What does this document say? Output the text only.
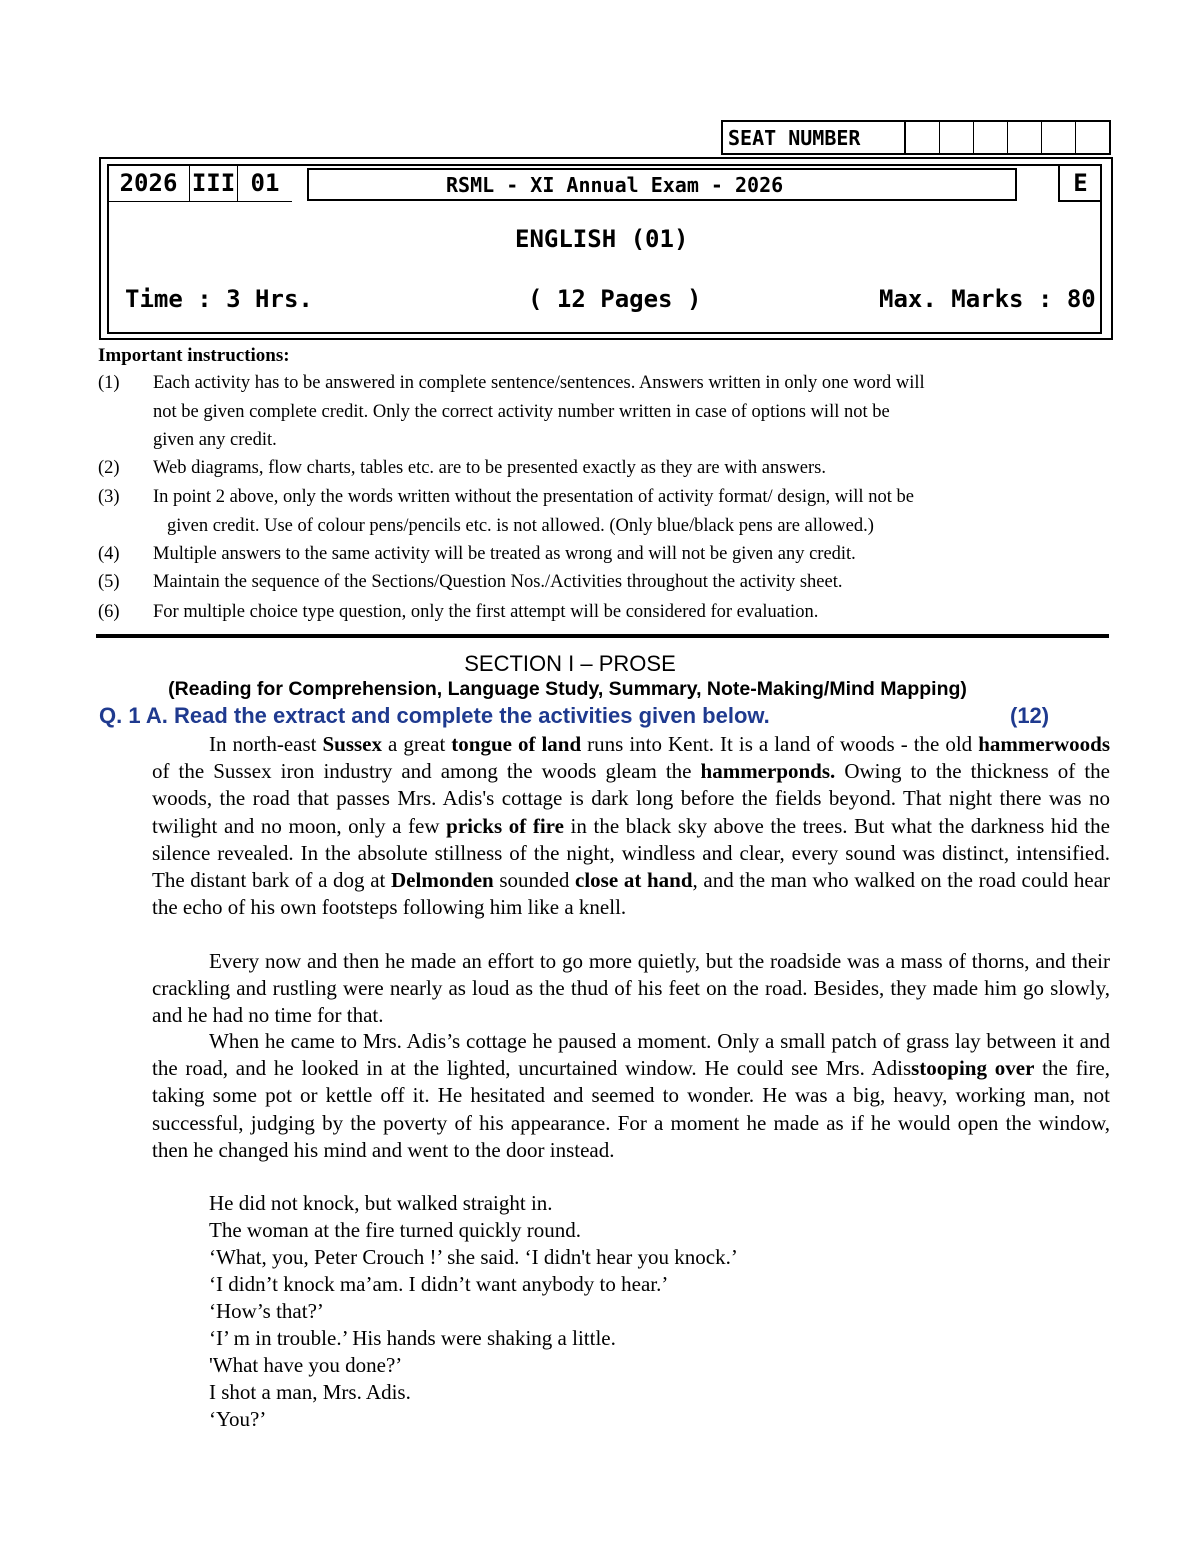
SEAT NUMBER
2026 III 01	RSML - XI Annual Exam - 2026	E
ENGLISH (01)
Time : 3 Hrs.	( 12 Pages )	Max. Marks : 80
Important instructions:
(1) Each activity has to be answered in complete sentence/sentences. Answers written in only one word will
not be given complete credit. Only the correct activity number written in case of options will not be
given any credit.
(2) Web diagrams, flow charts, tables etc. are to be presented exactly as they are with answers.
(3) In point 2 above, only the words written without the presentation of activity format/ design, will not be
given credit. Use of colour pens/pencils etc. is not allowed. (Only blue/black pens are allowed.)
(4) Multiple answers to the same activity will be treated as wrong and will not be given any credit.
(5) Maintain the sequence of the Sections/Question Nos./Activities throughout the activity sheet.
(6) For multiple choice type question, only the first attempt will be considered for evaluation.
SECTION I – PROSE
(Reading for Comprehension, Language Study, Summary, Note-Making/Mind Mapping)
Q. 1 A. Read the extract and complete the activities given below.	(12)
In north-east Sussex a great tongue of land runs into Kent. It is a land of woods - the old hammerwoods of the Sussex iron industry and among the woods gleam the hammerponds. Owing to the thickness of the woods, the road that passes Mrs. Adis's cottage is dark long before the fields beyond. That night there was no twilight and no moon, only a few pricks of fire in the black sky above the trees. But what the darkness hid the silence revealed. In the absolute stillness of the night, windless and clear, every sound was distinct, intensified. The distant bark of a dog at Delmonden sounded close at hand, and the man who walked on the road could hear the echo of his own footsteps following him like a knell.
Every now and then he made an effort to go more quietly, but the roadside was a mass of thorns, and their crackling and rustling were nearly as loud as the thud of his feet on the road. Besides, they made him go slowly, and he had no time for that.
When he came to Mrs. Adis’s cottage he paused a moment. Only a small patch of grass lay between it and the road, and he looked in at the lighted, uncurtained window. He could see Mrs. Adisstooping over the fire, taking some pot or kettle off it. He hesitated and seemed to wonder. He was a big, heavy, working man, not successful, judging by the poverty of his appearance. For a moment he made as if he would open the window, then he changed his mind and went to the door instead.
He did not knock, but walked straight in.
The woman at the fire turned quickly round.
‘What, you, Peter Crouch !’ she said. ‘I didn't hear you knock.’
‘I didn’t knock ma’am. I didn’t want anybody to hear.’
‘How’s that?’
‘I’ m in trouble.’ His hands were shaking a little.
'What have you done?’
I shot a man, Mrs. Adis.
‘You?’
